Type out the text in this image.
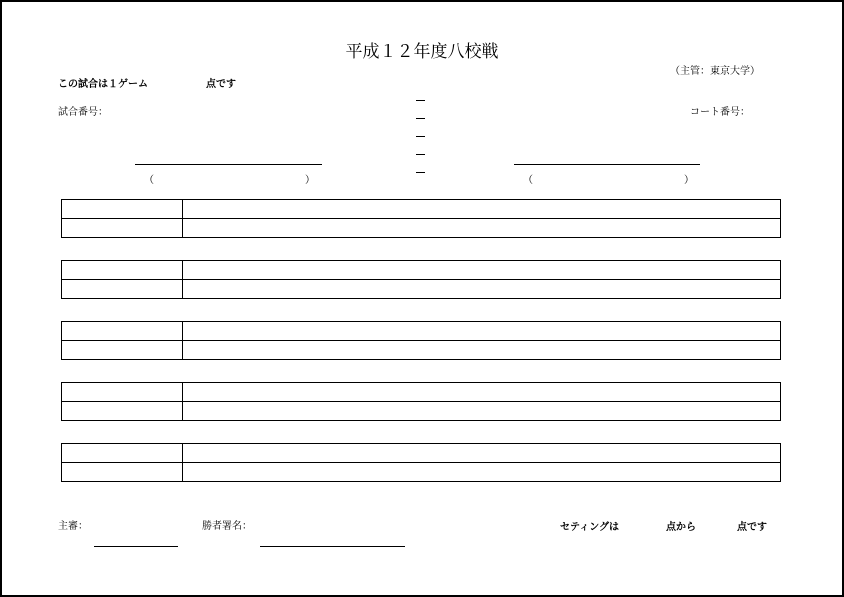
平成１２年度八校戦
（主管：東京大学）
この試合は１ゲーム	点です
試合番号：	コート番号：
（	）	（	）

主審：	勝者署名：	セティングは	点から	点です
